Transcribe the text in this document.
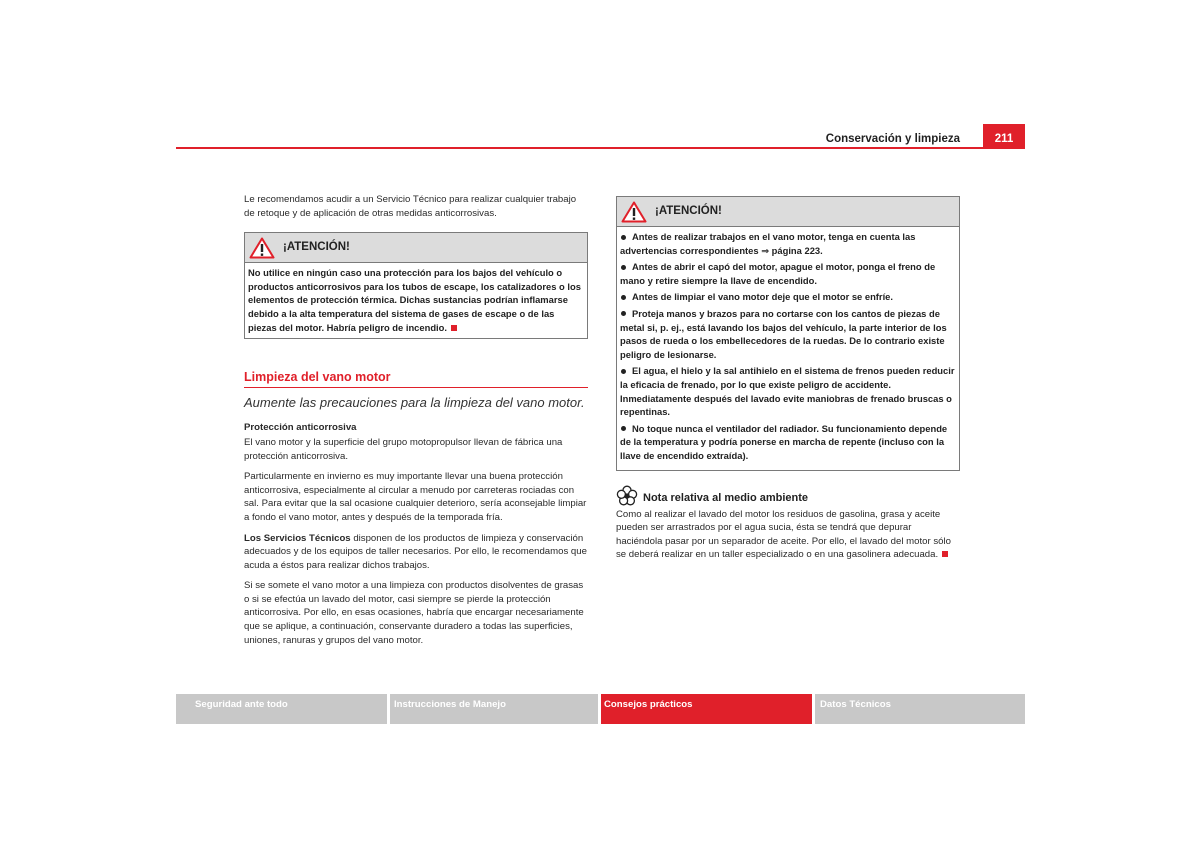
Conservación y limpieza	211

Le recomendamos acudir a un Servicio Técnico para realizar cualquier trabajo de retoque y de aplicación de otras medidas anticorrosivas.

¡ATENCIÓN!
No utilice en ningún caso una protección para los bajos del vehículo o productos anticorrosivos para los tubos de escape, los catalizadores o los elementos de protección térmica. Dichas sustancias podrían inflamarse debido a la alta temperatura del sistema de gases de escape o de las piezas del motor. Habría peligro de incendio.
Limpieza del vano motor
Aumente las precauciones para la limpieza del vano motor.
Protección anticorrosiva

El vano motor y la superficie del grupo motopropulsor llevan de fábrica una protección anticorrosiva.

Particularmente en invierno es muy importante llevar una buena protección anticorrosiva, especialmente al circular a menudo por carreteras rociadas con sal. Para evitar que la sal ocasione cualquier deterioro, sería aconsejable limpiar a fondo el vano motor, antes y después de la temporada fría.

Los Servicios Técnicos disponen de los productos de limpieza y conservación adecuados y de los equipos de taller necesarios. Por ello, le recomendamos que acuda a éstos para realizar dichos trabajos.

Si se somete el vano motor a una limpieza con productos disolventes de grasas o si se efectúa un lavado del motor, casi siempre se pierde la protección anticorrosiva. Por ello, en esas ocasiones, habría que encargar necesariamente que se aplique, a continuación, conservante duradero a todas las superficies, uniones, ranuras y grupos del vano motor.

¡ATENCIÓN!
Antes de realizar trabajos en el vano motor, tenga en cuenta las advertencias correspondientes ⇒ página 223.
Antes de abrir el capó del motor, apague el motor, ponga el freno de mano y retire siempre la llave de encendido.
Antes de limpiar el vano motor deje que el motor se enfríe.
Proteja manos y brazos para no cortarse con los cantos de piezas de metal si, p. ej., está lavando los bajos del vehículo, la parte interior de los pasos de rueda o los embellecedores de la ruedas. De lo contrario existe peligro de lesionarse.
El agua, el hielo y la sal antihielo en el sistema de frenos pueden reducir la eficacia de frenado, por lo que existe peligro de accidente. Inmediatamente después del lavado evite maniobras de frenado bruscas o repentinas.
No toque nunca el ventilador del radiador. Su funcionamiento depende de la temperatura y podría ponerse en marcha de repente (incluso con la llave de encendido extraída).
Nota relativa al medio ambiente

Como al realizar el lavado del motor los residuos de gasolina, grasa y aceite pueden ser arrastrados por el agua sucia, ésta se tendrá que depurar haciéndola pasar por un separador de aceite. Por ello, el lavado del motor sólo se deberá realizar en un taller especializado o en una gasolinera adecuada.

Seguridad ante todo	Instrucciones de Manejo	Consejos prácticos	Datos Técnicos
